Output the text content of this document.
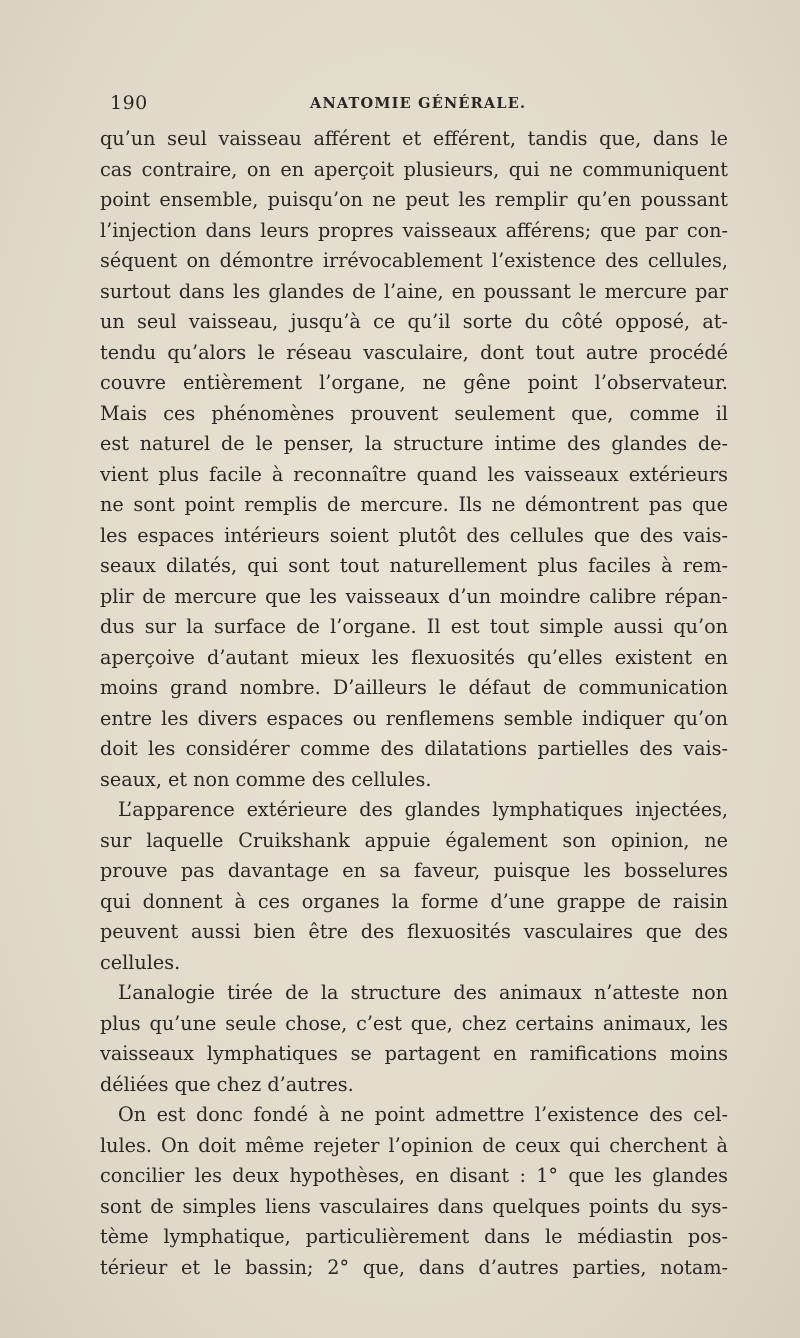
190	ANATOMIE GÉNÉRALE.
qu’un seul vaisseau afférent et efférent, tandis que, dans le
cas contraire, on en aperçoit plusieurs, qui ne communiquent
point ensemble, puisqu’on ne peut les remplir qu’en poussant
l’injection dans leurs propres vaisseaux afférens; que par con-
séquent on démontre irrévocablement l’existence des cellules,
surtout dans les glandes de l’aine, en poussant le mercure par
un seul vaisseau, jusqu’à ce qu’il sorte du côté opposé, at-
tendu qu’alors le réseau vasculaire, dont tout autre procédé
couvre entièrement l’organe, ne gêne point l’observateur.
Mais ces phénomènes prouvent seulement que, comme il
est naturel de le penser, la structure intime des glandes de-
vient plus facile à reconnaître quand les vaisseaux extérieurs
ne sont point remplis de mercure. Ils ne démontrent pas que
les espaces intérieurs soient plutôt des cellules que des vais-
seaux dilatés, qui sont tout naturellement plus faciles à rem-
plir de mercure que les vaisseaux d’un moindre calibre répan-
dus sur la surface de l’organe. Il est tout simple aussi qu’on
aperçoive d’autant mieux les flexuosités qu’elles existent en
moins grand nombre. D’ailleurs le défaut de communication
entre les divers espaces ou renflemens semble indiquer qu’on
doit les considérer comme des dilatations partielles des vais-
seaux, et non comme des cellules.
L’apparence extérieure des glandes lymphatiques injectées,
sur laquelle Cruikshank appuie également son opinion, ne
prouve pas davantage en sa faveur, puisque les bosselures
qui donnent à ces organes la forme d’une grappe de raisin
peuvent aussi bien être des flexuosités vasculaires que des
cellules.
L’analogie tirée de la structure des animaux n’atteste non
plus qu’une seule chose, c’est que, chez certains animaux, les
vaisseaux lymphatiques se partagent en ramifications moins
déliées que chez d’autres.
On est donc fondé à ne point admettre l’existence des cel-
lules. On doit même rejeter l’opinion de ceux qui cherchent à
concilier les deux hypothèses, en disant : 1° que les glandes
sont de simples liens vasculaires dans quelques points du sys-
tème lymphatique, particulièrement dans le médiastin pos-
térieur et le bassin; 2° que, dans d’autres parties, notam-
